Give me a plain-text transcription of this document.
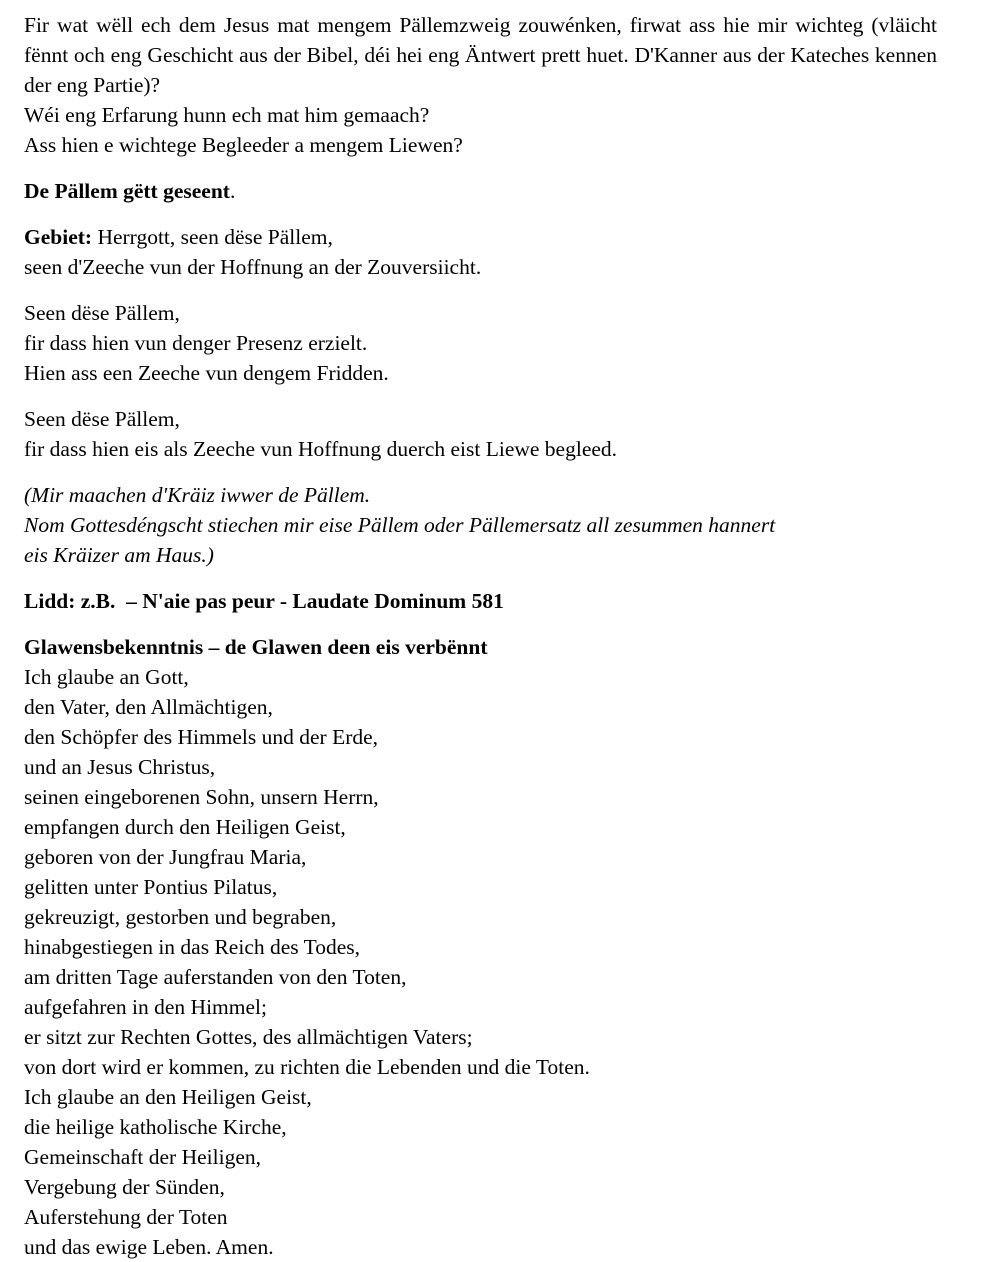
Fir wat wëll ech dem Jesus mat mengem Pällemzweig zouwénken, firwat ass hie mir wichteg (vläicht fënnt och eng Geschicht aus der Bibel, déi hei eng Äntwert prett huet. D'Kanner aus der Kateches kennen der eng Partie)?
Wéi eng Erfarung hunn ech mat him gemaach?
Ass hien e wichtege Begleeder a mengem Liewen?
De Pällem gëtt geseent.
Gebiet: Herrgott, seen dëse Pällem,
seen d'Zeeche vun der Hoffnung an der Zouversiicht.
Seen dëse Pällem,
fir dass hien vun denger Presenz erzielt.
Hien ass een Zeeche vun dengem Fridden.
Seen dëse Pällem,
fir dass hien eis als Zeeche vun Hoffnung duerch eist Liewe begleed.
(Mir maachen d'Kräiz iwwer de Pällem.
Nom Gottesdéngscht stiechen mir eise Pällem oder Pällemersatz all zesummen hannert
eis Kräizer am Haus.)
Lidd: z.B.  – N'aie pas peur - Laudate Dominum 581
Glawensbekenntnis – de Glawen deen eis verbënnt
Ich glaube an Gott,
den Vater, den Allmächtigen,
den Schöpfer des Himmels und der Erde,
und an Jesus Christus,
seinen eingeborenen Sohn, unsern Herrn,
empfangen durch den Heiligen Geist,
geboren von der Jungfrau Maria,
gelitten unter Pontius Pilatus,
gekreuzigt, gestorben und begraben,
hinabgestiegen in das Reich des Todes,
am dritten Tage auferstanden von den Toten,
aufgefahren in den Himmel;
er sitzt zur Rechten Gottes, des allmächtigen Vaters;
von dort wird er kommen, zu richten die Lebenden und die Toten.
Ich glaube an den Heiligen Geist,
die heilige katholische Kirche,
Gemeinschaft der Heiligen,
Vergebung der Sünden,
Auferstehung der Toten
und das ewige Leben. Amen.
